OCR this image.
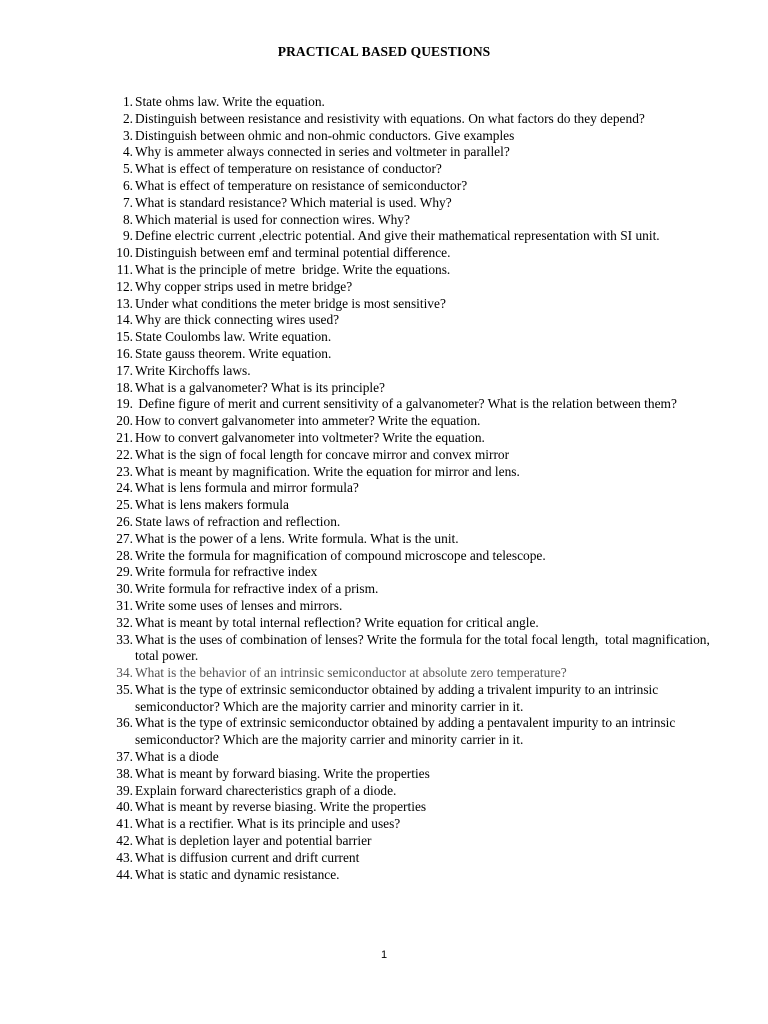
PRACTICAL BASED QUESTIONS
1. State ohms law. Write the equation.
2. Distinguish between resistance and resistivity with equations. On what factors do they depend?
3. Distinguish between ohmic and non-ohmic conductors. Give examples
4. Why is ammeter always connected in series and voltmeter in parallel?
5. What is effect of temperature on resistance of conductor?
6. What is effect of temperature on resistance of semiconductor?
7. What is standard resistance? Which material is used. Why?
8. Which material is used for connection wires. Why?
9. Define electric current ,electric potential. And give their mathematical representation with SI unit.
10. Distinguish between emf and terminal potential difference.
11. What is the principle of metre  bridge. Write the equations.
12. Why copper strips used in metre bridge?
13. Under what conditions the meter bridge is most sensitive?
14. Why are thick connecting wires used?
15. State Coulombs law. Write equation.
16. State gauss theorem. Write equation.
17. Write Kirchoffs laws.
18. What is a galvanometer? What is its principle?
19. Define figure of merit and current sensitivity of a galvanometer? What is the relation between them?
20. How to convert galvanometer into ammeter? Write the equation.
21. How to convert galvanometer into voltmeter? Write the equation.
22. What is the sign of focal length for concave mirror and convex mirror
23. What is meant by magnification. Write the equation for mirror and lens.
24. What is lens formula and mirror formula?
25. What is lens makers formula
26. State laws of refraction and reflection.
27. What is the power of a lens. Write formula. What is the unit.
28. Write the formula for magnification of compound microscope and telescope.
29. Write formula for refractive index
30. Write formula for refractive index of a prism.
31. Write some uses of lenses and mirrors.
32. What is meant by total internal reflection? Write equation for critical angle.
33. What is the uses of combination of lenses? Write the formula for the total focal length,  total magnification, total power.
34. What is the behavior of an intrinsic semiconductor at absolute zero temperature?
35. What is the type of extrinsic semiconductor obtained by adding a trivalent impurity to an intrinsic semiconductor? Which are the majority carrier and minority carrier in it.
36. What is the type of extrinsic semiconductor obtained by adding a pentavalent impurity to an intrinsic semiconductor? Which are the majority carrier and minority carrier in it.
37. What is a diode
38. What is meant by forward biasing. Write the properties
39. Explain forward charecteristics graph of a diode.
40. What is meant by reverse biasing. Write the properties
41. What is a rectifier. What is its principle and uses?
42. What is depletion layer and potential barrier
43. What is diffusion current and drift current
44. What is static and dynamic resistance.
1
